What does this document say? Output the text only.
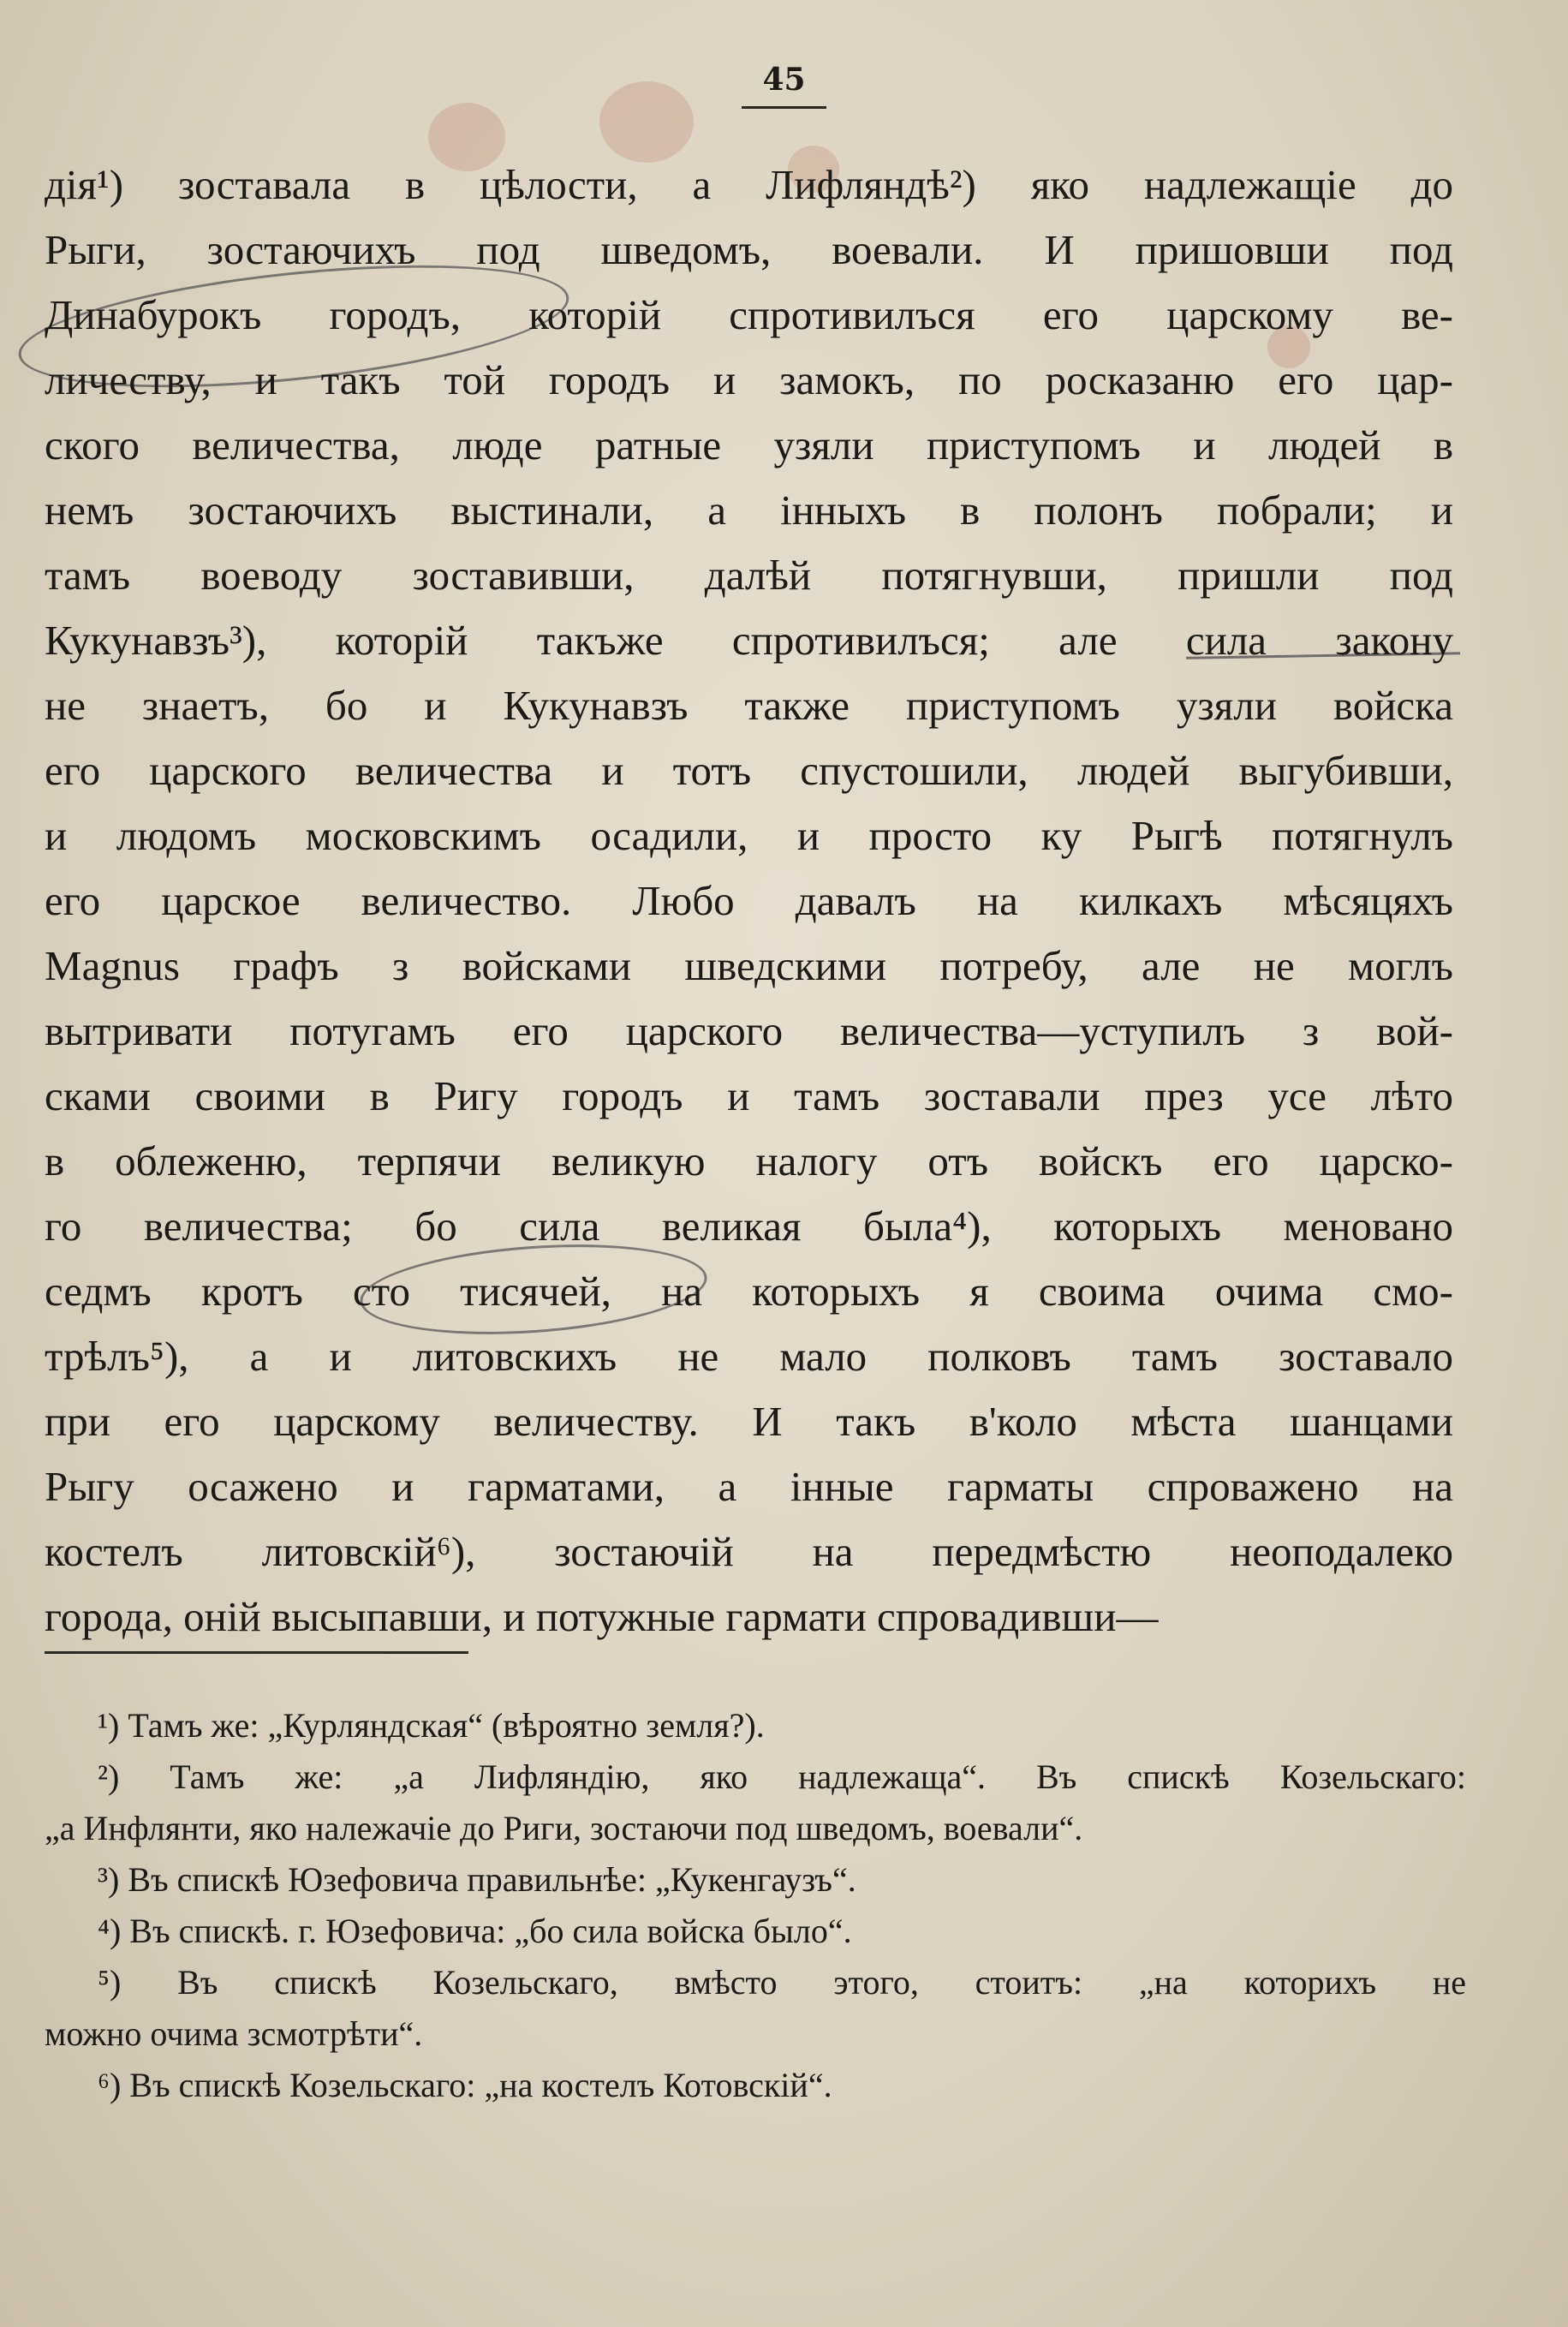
45
дія¹) зоставала в цѣлости, а Лифляндѣ²) яко надлежащіе до
Рыги, зостаючихъ под шведомъ, воевали. И пришовши под
Динабурокъ городъ, которій спротивилъся его царскому ве-
личеству, и такъ той городъ и замокъ, по росказаню его цар-
ского величества, люде ратные узяли приступомъ и людей в
немъ зостаючихъ выстинали, а інныхъ в полонъ побрали; и
тамъ воеводу зоставивши, далѣй потягнувши, пришли под
Кукунавзъ³), которій такъже спротивилъся; але сила закону
не знаетъ, бо и Кукунавзъ также приступомъ узяли войска
его царского величества и тотъ спустошили, людей выгубивши,
и людомъ московскимъ осадили, и просто ку Рыгѣ потягнулъ
его царское величество. Любо давалъ на килкахъ мѣсяцяхъ
Magnus графъ з войсками шведскими потребу, але не моглъ
вытривати потугамъ его царского величества—уступилъ з вой-
сками своими в Ригу городъ и тамъ зоставали през усе лѣто
в облеженю, терпячи великую налогу отъ войскъ его царско-
го величества; бо сила великая была⁴), которыхъ меновано
седмъ кротъ сто тисячей, на которыхъ я своима очима смо-
трѣлъ⁵), а и литовскихъ не мало полковъ тамъ зоставало
при его царскому величеству. И такъ в'коло мѣста шанцами
Рыгу осажено и гарматами, а інные гарматы спроважено на
костелъ литовскій⁶), зостаючій на передмѣстю неоподалеко
города, оній высыпавши, и потужные гармати спровадивши—
¹) Тамъ же: „Курляндская“ (вѣроятно земля?).
²) Тамъ же: „а Лифляндію, яко надлежаща“. Въ спискѣ Козельскаго:
„а Инфлянти, яко належачіе до Риги, зостаючи под шведомъ, воевали“.
³) Въ спискѣ Юзефовича правильнѣе: „Кукенгаузъ“.
⁴) Въ спискѣ. г. Юзефовича: „бо сила войска было“.
⁵) Въ спискѣ Козельскаго, вмѣсто этого, стоитъ: „на которихъ не
можно очима зсмотрѣти“.
⁶) Въ спискѣ Козельскаго: „на костелъ Котовскій“.
